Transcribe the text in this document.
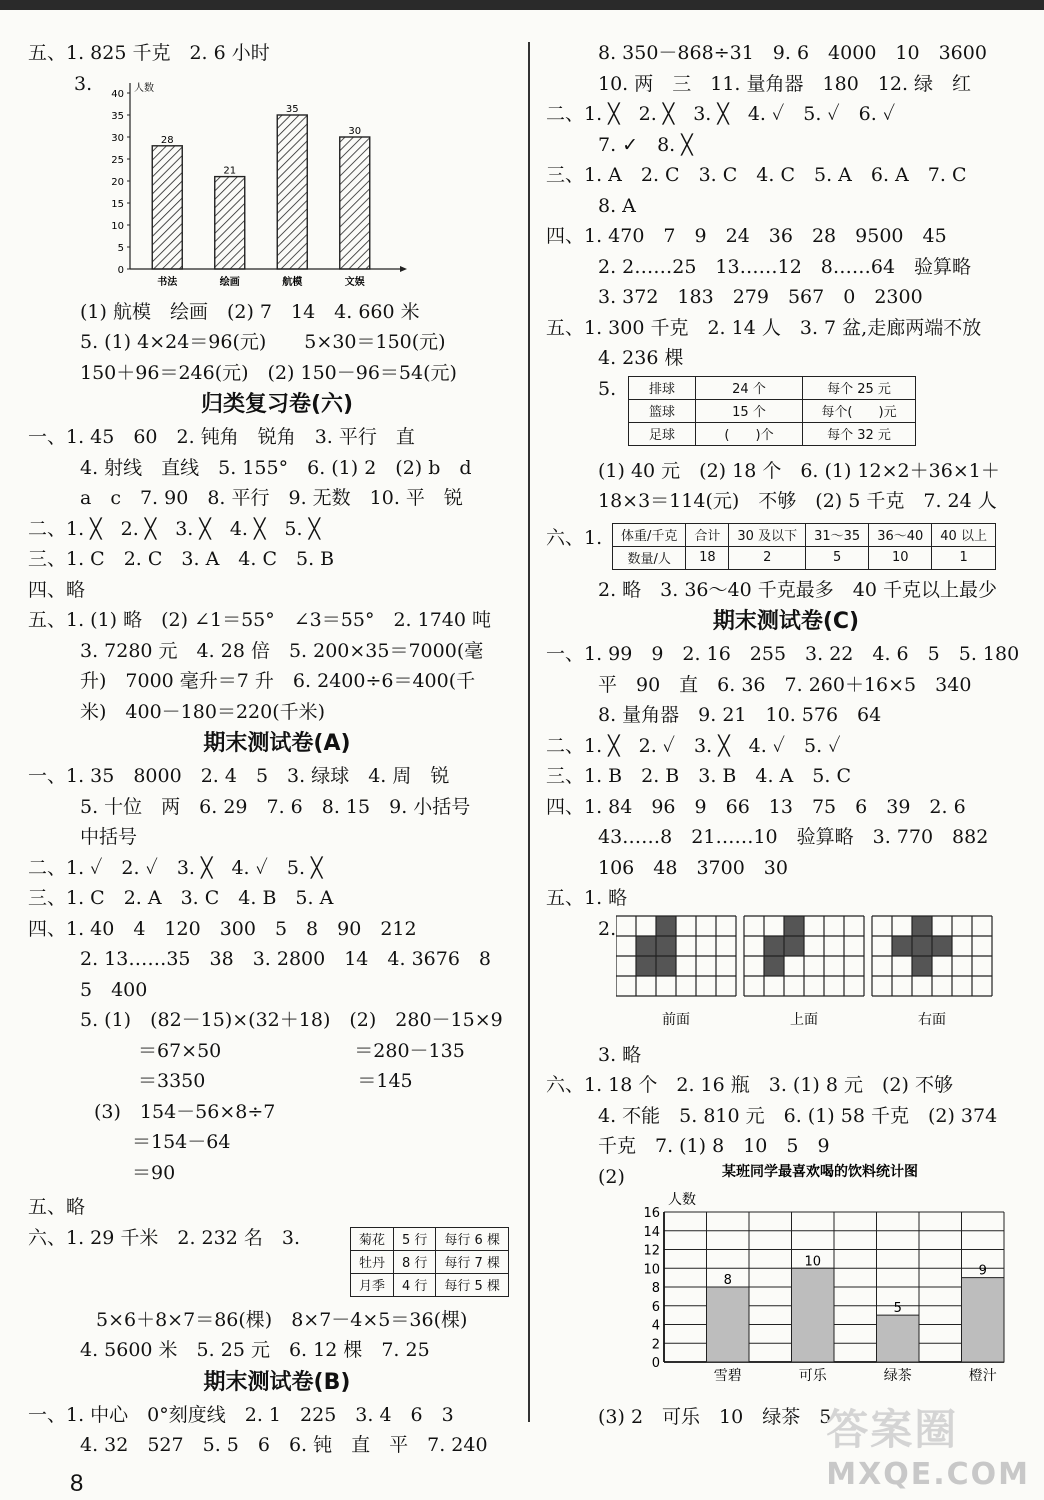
五、1. 825 千克　2. 6 小时
3.	人数
0
5
10
15
20
25
30
35
40
28
书法
21
绘画
35
航模
30
文娱
(1) 航模　绘画　(2) 7　14　4. 660 米
5. (1) 4×24＝96(元)　　5×30＝150(元)
150＋96＝246(元)　(2) 150－96＝54(元)
归类复习卷(六)
一、1. 45　60　2. 钝角　锐角　3. 平行　直
4. 射线　直线　5. 155°　6. (1) 2　(2) b　d
a　c　7. 90　8. 平行　9. 无数　10. 平　锐
二、1. ╳　2. ╳　3. ╳　4. ╳　5. ╳
三、1. C　2. C　3. A　4. C　5. B
四、略
五、1. (1) 略　(2) ∠1＝55°　∠3＝55°　2. 1740 吨
3. 7280 元　4. 28 倍　5. 200×35＝7000(毫
升)　7000 毫升＝7 升　6. 2400÷6＝400(千
米)　400－180＝220(千米)
期末测试卷(A)
一、1. 35　8000　2. 4　5　3. 绿球　4. 周　锐
5. 十位　两　6. 29　7. 6　8. 15　9. 小括号
中括号
二、1. ✓　2. ✓　3. ╳　4. ✓　5. ╳
三、1. C　2. A　3. C　4. B　5. A
四、1. 40　4　120　300　5　8　90　212
2. 13……35　38　3. 2800　14　4. 3676　8
5　400
5. (1)　(82－15)×(32＋18)　(2)　280－15×9
＝67×50　　　　　　　＝280－135
＝3350　　　　　　　　＝145
(3)　154－56×8÷7
＝154－64
＝90
五、略
六、1. 29 千米　2. 232 名　3.	菊花	5 行	每行 6 棵
牡丹	8 行	每行 7 棵
月季	4 行	每行 5 棵
5×6＋8×7＝86(棵)　8×7－4×5＝36(棵)
4. 5600 米　5. 25 元　6. 12 棵　7. 25
期末测试卷(B)
一、1. 中心　0°刻度线　2. 1　225　3. 4　6　3
4. 32　527　5. 5　6　6. 钝　直　平　7. 240
8. 350－868÷31　9. 6　4000　10　3600
10. 两　三　11. 量角器　180　12. 绿　红
二、1. ╳　2. ╳　3. ╳　4. ✓　5. ✓　6. ✓
7. ✓　8. ╳
三、1. A　2. C　3. C　4. C　5. A　6. A　7. C
8. A
四、1. 470　7　9　24　36　28　9500　45
2. 2……25　13……12　8……64　验算略
3. 372　183　279　567　0　2300
五、1. 300 千克　2. 14 人　3. 7 盆,走廊两端不放
4. 236 棵
5.	排球	24 个	每个 25 元
篮球	15 个	每个(　　)元
足球	(　　)个	每个 32 元
(1) 40 元　(2) 18 个　6. (1) 12×2＋36×1＋
18×3＝114(元)　不够　(2) 5 千克　7. 24 人
六、1. 体重/千克	合计	30 及以下	31～35	36～40	40 以上
数量/人	18	2	5	10	1
2. 略　3. 36～40 千克最多　40 千克以上最少
期末测试卷(C)
一、1. 99　9　2. 16　255　3. 22　4. 6　5　5. 180
平　90　直　6. 36　7. 260＋16×5　340
8. 量角器　9. 21　10. 576　64
二、1. ╳　2. ✓　3. ╳　4. ✓　5. ✓
三、1. B　2. B　3. B　4. A　5. C
四、1. 84　96　9　66　13　75　6　39　2. 6
43……8　21……10　验算略　3. 770　882
106　48　3700　30
五、1. 略
2.
前面	上面	右面
3. 略
六、1. 18 个　2. 16 瓶　3. (1) 8 元　(2) 不够
4. 不能　5. 810 元　6. (1) 58 千克　(2) 374
千克　7. (1) 8　10　5　9
(2)	某班同学最喜欢喝的饮料统计图
人数
0
2
4
6
8
10
12
14
16
8
雪碧
10
可乐
5
绿茶
9
橙汁
(3) 2　可乐　10　绿茶　5
8
答案圈
MXQE.COM
